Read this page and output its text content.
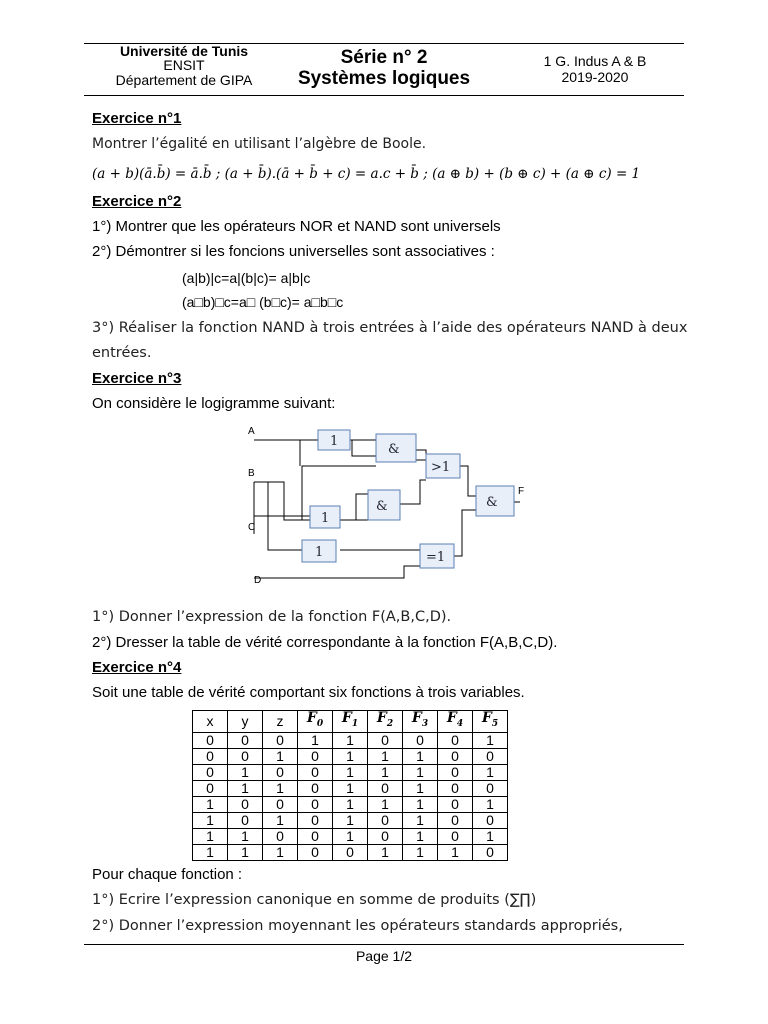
Université de Tunis
ENSIT
Département de GIPA
Série n° 2
Systèmes logiques
1 G. Indus A & B
2019-2020
Exercice n°1
Montrer l’égalité en utilisant l’algèbre de Boole.
(a + b)(ā.b̄) = ā.b̄ ; (a + b̄).(ā + b̄ + c) = a.c + b̄ ; (a ⊕ b) + (b ⊕ c) + (a ⊕ c) = 1
Exercice n°2
1°) Montrer que les opérateurs NOR et NAND sont universels
2°) Démontrer si les foncions universelles sont associatives :
(a|b)|c=a|(b|c)= a|b|c
(a□b)□c=a□ (b□c)= a□b□c
3°) Réaliser la fonction NAND à trois entrées à l’aide des opérateurs NAND à deux
entrées.
Exercice n°3
On considère le logigramme suivant:
A
B
C
D
F
1
&
>1
&
1
1	=1
&
1°) Donner l’expression de la fonction F(A,B,C,D).
2°) Dresser la table de vérité correspondante à la fonction F(A,B,C,D).
Exercice n°4
Soit une table de vérité comportant six fonctions à trois variables.
x	y	z	$F_0$	$F_1$	$F_2$	$F_3$	$F_4$	$F_5$
0	0	0	1	1	0	0	0	1
0	0	1	0	1	1	1	0	0
0	1	0	0	1	1	1	0	1
0	1	1	0	1	0	1	0	0
1	0	0	0	1	1	1	0	1
1	0	1	0	1	0	1	0	0
1	1	0	0	1	0	1	0	1
1	1	1	0	0	1	1	1	0
Pour chaque fonction :
1°) Ecrire l’expression canonique en somme de produits (∑∏)
2°) Donner l’expression moyennant les opérateurs standards appropriés,
Page 1/2
